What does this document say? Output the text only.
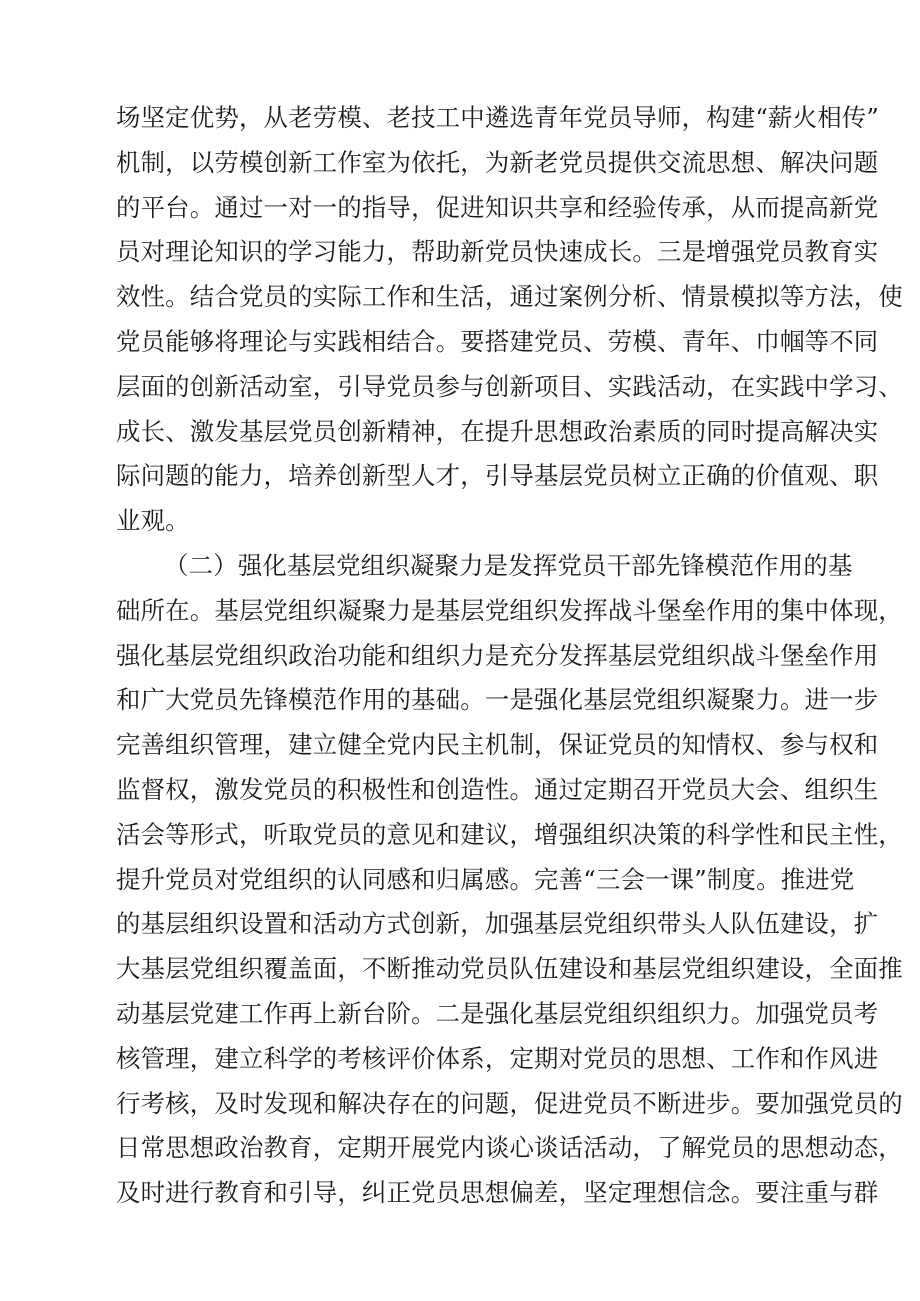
场坚定优势，从老劳模、老技工中遴选青年党员导师，构建“薪火相传”
机制，以劳模创新工作室为依托，为新老党员提供交流思想、解决问题
的平台。通过一对一的指导，促进知识共享和经验传承，从而提高新党
员对理论知识的学习能力，帮助新党员快速成长。三是增强党员教育实
效性。结合党员的实际工作和生活，通过案例分析、情景模拟等方法，使
党员能够将理论与实践相结合。要搭建党员、劳模、青年、巾帼等不同
层面的创新活动室，引导党员参与创新项目、实践活动，在实践中学习、
成长、激发基层党员创新精神，在提升思想政治素质的同时提高解决实
际问题的能力，培养创新型人才，引导基层党员树立正确的价值观、职
业观。
（二）强化基层党组织凝聚力是发挥党员干部先锋模范作用的基
础所在。基层党组织凝聚力是基层党组织发挥战斗堡垒作用的集中体现，
强化基层党组织政治功能和组织力是充分发挥基层党组织战斗堡垒作用
和广大党员先锋模范作用的基础。一是强化基层党组织凝聚力。进一步
完善组织管理，建立健全党内民主机制，保证党员的知情权、参与权和
监督权，激发党员的积极性和创造性。通过定期召开党员大会、组织生
活会等形式，听取党员的意见和建议，增强组织决策的科学性和民主性，
提升党员对党组织的认同感和归属感。完善“三会一课”制度。推进党
的基层组织设置和活动方式创新，加强基层党组织带头人队伍建设，扩
大基层党组织覆盖面，不断推动党员队伍建设和基层党组织建设，全面推
动基层党建工作再上新台阶。二是强化基层党组织组织力。加强党员考
核管理，建立科学的考核评价体系，定期对党员的思想、工作和作风进
行考核，及时发现和解决存在的问题，促进党员不断进步。要加强党员的
日常思想政治教育，定期开展党内谈心谈话活动，了解党员的思想动态，
及时进行教育和引导，纠正党员思想偏差，坚定理想信念。要注重与群
